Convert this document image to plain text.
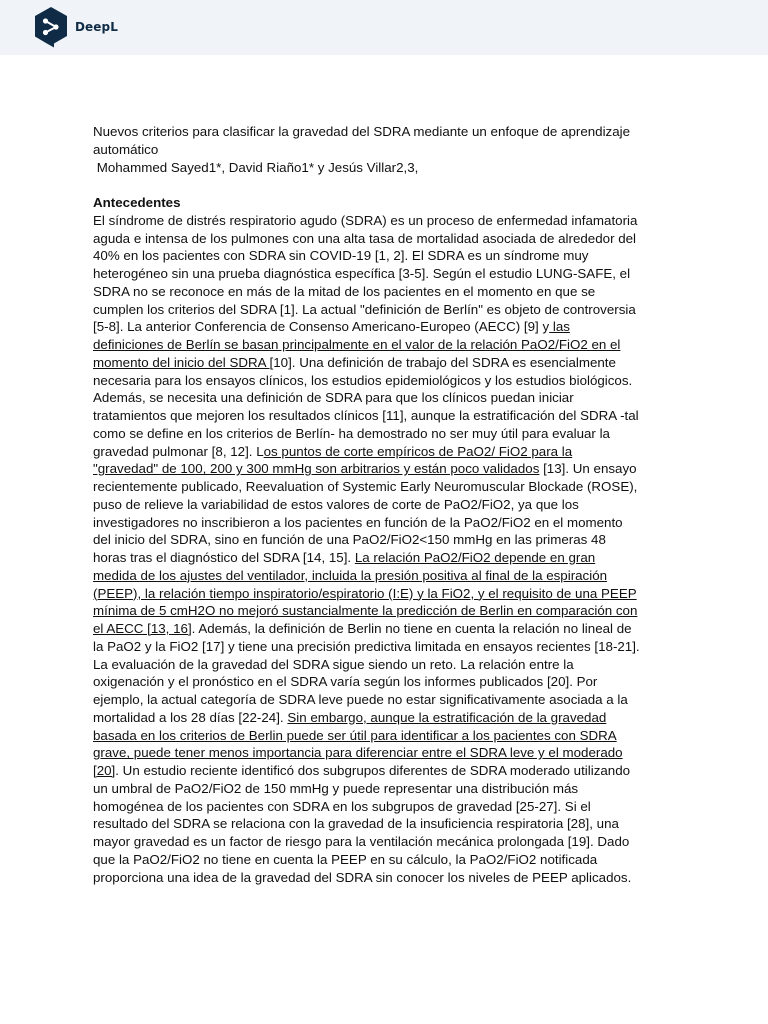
DeepL
Nuevos criterios para clasificar la gravedad del SDRA mediante un enfoque de aprendizaje
automático
Mohammed Sayed1*, David Riaño1* y Jesús Villar2,3,
Antecedentes
El síndrome de distrés respiratorio agudo (SDRA) es un proceso de enfermedad infamatoria
aguda e intensa de los pulmones con una alta tasa de mortalidad asociada de alrededor del
40% en los pacientes con SDRA sin COVID-19 [1, 2]. El SDRA es un síndrome muy
heterogéneo sin una prueba diagnóstica específica [3-5]. Según el estudio LUNG-SAFE, el
SDRA no se reconoce en más de la mitad de los pacientes en el momento en que se
cumplen los criterios del SDRA [1]. La actual "definición de Berlín" es objeto de controversia
[5-8]. La anterior Conferencia de Consenso Americano-Europeo (AECC) [9] y las
definiciones de Berlín se basan principalmente en el valor de la relación PaO2/FiO2 en el
momento del inicio del SDRA [10]. Una definición de trabajo del SDRA es esencialmente
necesaria para los ensayos clínicos, los estudios epidemiológicos y los estudios biológicos.
Además, se necesita una definición de SDRA para que los clínicos puedan iniciar
tratamientos que mejoren los resultados clínicos [11], aunque la estratificación del SDRA -tal
como se define en los criterios de Berlín- ha demostrado no ser muy útil para evaluar la
gravedad pulmonar [8, 12]. Los puntos de corte empíricos de PaO2/ FiO2 para la
"gravedad" de 100, 200 y 300 mmHg son arbitrarios y están poco validados [13]. Un ensayo
recientemente publicado, Reevaluation of Systemic Early Neuromuscular Blockade (ROSE),
puso de relieve la variabilidad de estos valores de corte de PaO2/FiO2, ya que los
investigadores no inscribieron a los pacientes en función de la PaO2/FiO2 en el momento
del inicio del SDRA, sino en función de una PaO2/FiO2<150 mmHg en las primeras 48
horas tras el diagnóstico del SDRA [14, 15]. La relación PaO2/FiO2 depende en gran
medida de los ajustes del ventilador, incluida la presión positiva al final de la espiración
(PEEP), la relación tiempo inspiratorio/espiratorio (I:E) y la FiO2, y el requisito de una PEEP
mínima de 5 cmH2O no mejoró sustancialmente la predicción de Berlin en comparación con
el AECC [13, 16]. Además, la definición de Berlin no tiene en cuenta la relación no lineal de
la PaO2 y la FiO2 [17] y tiene una precisión predictiva limitada en ensayos recientes [18-21].
La evaluación de la gravedad del SDRA sigue siendo un reto. La relación entre la
oxigenación y el pronóstico en el SDRA varía según los informes publicados [20]. Por
ejemplo, la actual categoría de SDRA leve puede no estar significativamente asociada a la
mortalidad a los 28 días [22-24]. Sin embargo, aunque la estratificación de la gravedad
basada en los criterios de Berlin puede ser útil para identificar a los pacientes con SDRA
grave, puede tener menos importancia para diferenciar entre el SDRA leve y el moderado
[20]. Un estudio reciente identificó dos subgrupos diferentes de SDRA moderado utilizando
un umbral de PaO2/FiO2 de 150 mmHg y puede representar una distribución más
homogénea de los pacientes con SDRA en los subgrupos de gravedad [25-27]. Si el
resultado del SDRA se relaciona con la gravedad de la insuficiencia respiratoria [28], una
mayor gravedad es un factor de riesgo para la ventilación mecánica prolongada [19]. Dado
que la PaO2/FiO2 no tiene en cuenta la PEEP en su cálculo, la PaO2/FiO2 notificada
proporciona una idea de la gravedad del SDRA sin conocer los niveles de PEEP aplicados.
